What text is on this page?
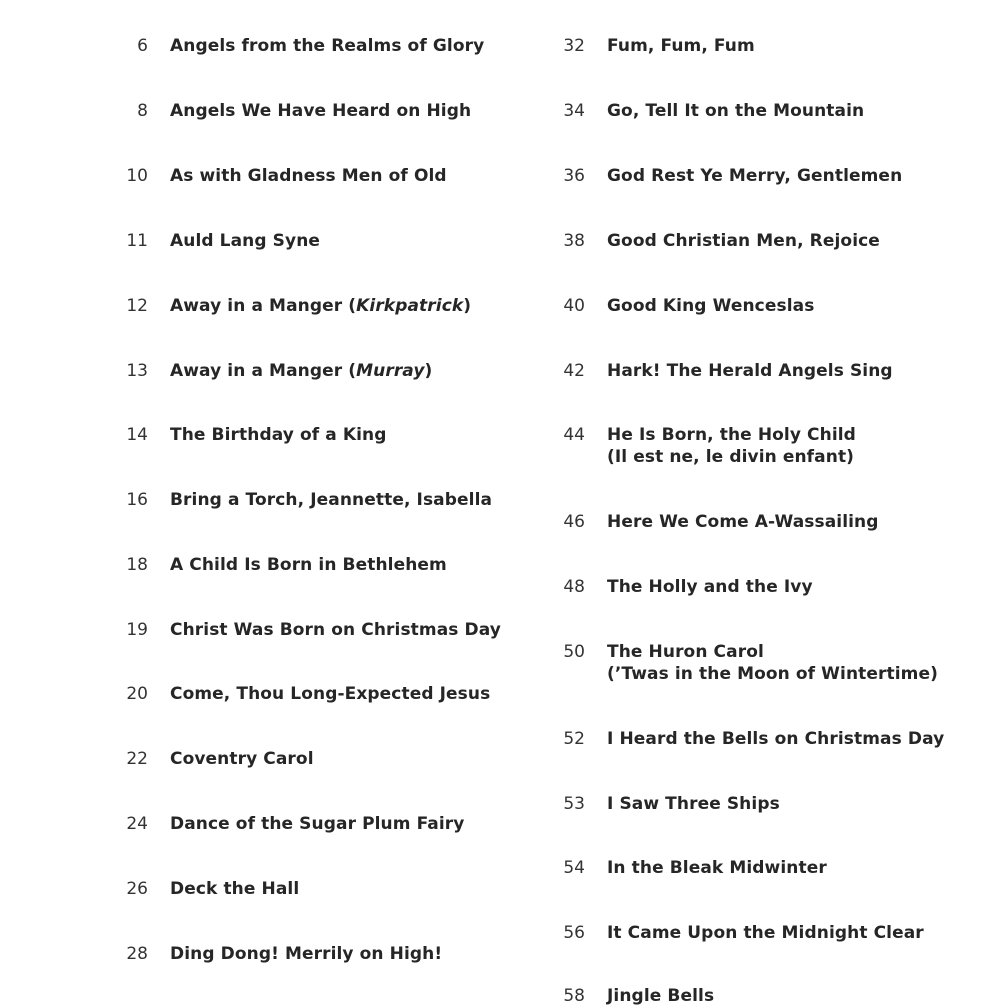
6 Angels from the Realms of Glory
8 Angels We Have Heard on High
10 As with Gladness Men of Old
11 Auld Lang Syne
12 Away in a Manger (Kirkpatrick)
13 Away in a Manger (Murray)
14 The Birthday of a King
16 Bring a Torch, Jeannette, Isabella
18 A Child Is Born in Bethlehem
19 Christ Was Born on Christmas Day
20 Come, Thou Long-Expected Jesus
22 Coventry Carol
24 Dance of the Sugar Plum Fairy
26 Deck the Hall
28 Ding Dong! Merrily on High!
32 Fum, Fum, Fum
34 Go, Tell It on the Mountain
36 God Rest Ye Merry, Gentlemen
38 Good Christian Men, Rejoice
40 Good King Wenceslas
42 Hark! The Herald Angels Sing
44 He Is Born, the Holy Child
(Il est ne, le divin enfant)
46 Here We Come A-Wassailing
48 The Holly and the Ivy
50 The Huron Carol
(’Twas in the Moon of Wintertime)
52 I Heard the Bells on Christmas Day
53 I Saw Three Ships
54 In the Bleak Midwinter
56 It Came Upon the Midnight Clear
58 Jingle Bells
